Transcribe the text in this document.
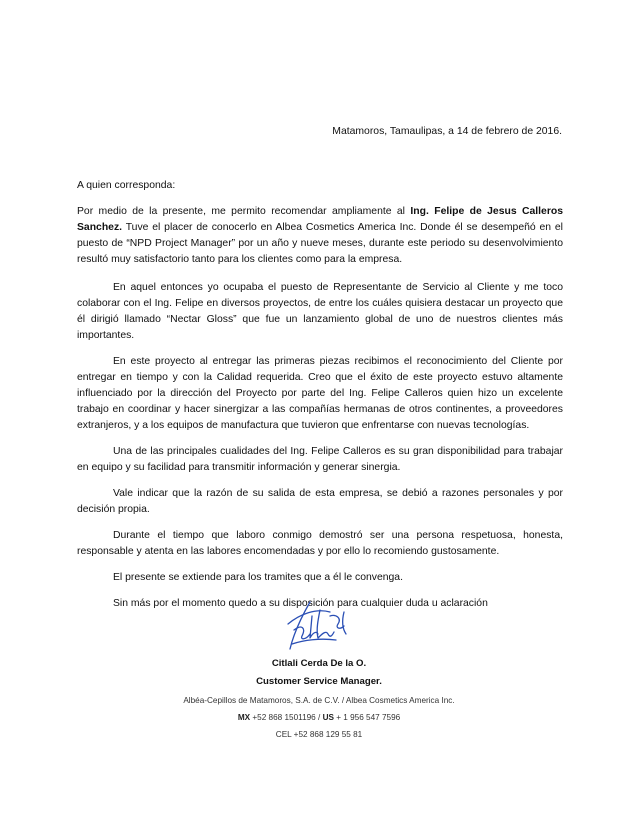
Matamoros, Tamaulipas, a 14 de febrero de 2016.
A quien corresponda:

Por medio de la presente, me permito recomendar ampliamente al Ing. Felipe de Jesus Calleros Sanchez. Tuve el placer de conocerlo en Albea Cosmetics America Inc. Donde él se desempeñó en el puesto de “NPD Project Manager” por un año y nueve meses, durante este periodo su desenvolvimiento resultó muy satisfactorio tanto para los clientes como para la empresa.

En aquel entonces yo ocupaba el puesto de Representante de Servicio al Cliente y me toco colaborar con el Ing. Felipe en diversos proyectos, de entre los cuáles quisiera destacar un proyecto que él dirigió llamado “Nectar Gloss” que fue un lanzamiento global de uno de nuestros clientes más importantes.

En este proyecto al entregar las primeras piezas recibimos el reconocimiento del Cliente por entregar en tiempo y con la Calidad requerida. Creo que el éxito de este proyecto estuvo altamente influenciado por la dirección del Proyecto por parte del Ing. Felipe Calleros quien hizo un excelente trabajo en coordinar y hacer sinergizar a las compañías hermanas de otros continentes, a proveedores extranjeros, y a los equipos de manufactura que tuvieron que enfrentarse con nuevas tecnologías.

Una de las principales cualidades del Ing. Felipe Calleros es su gran disponibilidad para trabajar en equipo y su facilidad para transmitir información y generar sinergia.

Vale indicar que la razón de su salida de esta empresa, se debió a razones personales y por decisión propia.

Durante el tiempo que laboro conmigo demostró ser una persona respetuosa, honesta, responsable y atenta en las labores encomendadas y por ello lo recomiendo gustosamente.

El presente se extiende para los tramites que a él le convenga.

Sin más por el momento quedo a su disposición para cualquier duda u aclaración

Citlali Cerda De la O.
Customer Service Manager.
Albéa-Cepillos de Matamoros, S.A. de C.V. / Albea Cosmetics America Inc.
MX +52 868 1501196 / US + 1 956 547 7596
CEL +52 868 129 55 81
